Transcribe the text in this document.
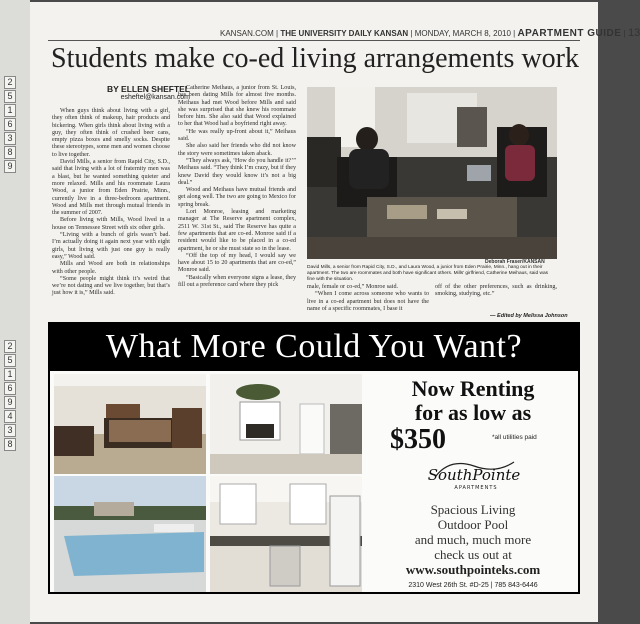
2
5
1
6
3
8
9
2
5
1
6
9
4
3
8
KANSAN.COM | THE UNIVERSITY DAILY KANSAN | MONDAY, MARCH 8, 2010 | APARTMENT GUIDE | 13
Students make co-ed living arrangements work
BY ELLEN SHEFTEL
esheftel@kansan.com

When guys think about living with a girl, they often think of makeup, hair products and bickering. When girls think about living with a guy, they often think of crushed beer cans, empty pizza boxes and smelly socks. Despite these stereotypes, some men and women choose to live together.

David Mills, a senior from Rapid City, S.D., said that living with a lot of fraternity men was a blast, but he wanted something quieter and more relaxed. Mills and his roommate Laura Wood, a junior from Eden Prairie, Minn., currently live in a three-bedroom apartment. Wood and Mills met through mutual friends in the summer of 2007.

Before living with Mills, Wood lived in a house on Tennessee Street with six other girls.

“Living with a bunch of girls wasn’t bad. I’m actually doing it again next year with eight girls, but living with just one guy is really easy,” Wood said.

Mills and Wood are both in relationships with other people.

“Some people might think it’s weird that we’re not dating and we live together, but that’s just how it is,” Mills said.

Catherine Meihaus, a junior from St. Louis, has been dating Mills for almost five months. Meihaus had met Wood before Mills and said she was surprised that she knew his roommate before him. She also said that Wood explained to her that Wood had a boyfriend right away.

“He was really up-front about it,” Meihaus said.

She also said her friends who did not know the story were sometimes taken aback.

“They always ask, ‘How do you handle it?’” Meihaus said. “They think I’m crazy, but if they knew David they would know it’s not a big deal.”

Wood and Meihaus have mutual friends and get along well. The two are going to Mexico for spring break.

Lori Monroe, leasing and marketing manager at The Reserve apartment complex, 2511 W. 31st St., said The Reserve has quite a few apartments that are co-ed. Monroe said if a resident would like to be placed in a co-ed apartment, he or she must state so in the lease.

“Off the top of my head, I would say we have about 15 to 20 apartments that are co-ed,” Monroe said.

“Basically when everyone signs a lease, they fill out a preference card where they pick

Deborah Fraser/KANSAN
David Mills, a senior from Rapid City, S.D., and Laura Wood, a junior from Eden Prairie, Minn., hang out in their apartment. The two are roommates and both have significant others. Mills’ girlfriend, Catherine Meihaus, said was fine with the situation.

male, female or co-ed,” Monroe said.

“When I come across someone who wants to live in a co-ed apartment but does not have the name of a specific roommates, I base it

off of the other preferences, such as drinking, smoking, studying, etc.”

— Edited by Melissa Johnson
What More Could You Want?
Now Renting
for as low as
$350	*all utilities paid
SouthPointe
APARTMENTS
Spacious Living
Outdoor Pool
and much, much more
check us out at
www.southpointeks.com
2310 West 26th St. #D-25 | 785 843-6446
